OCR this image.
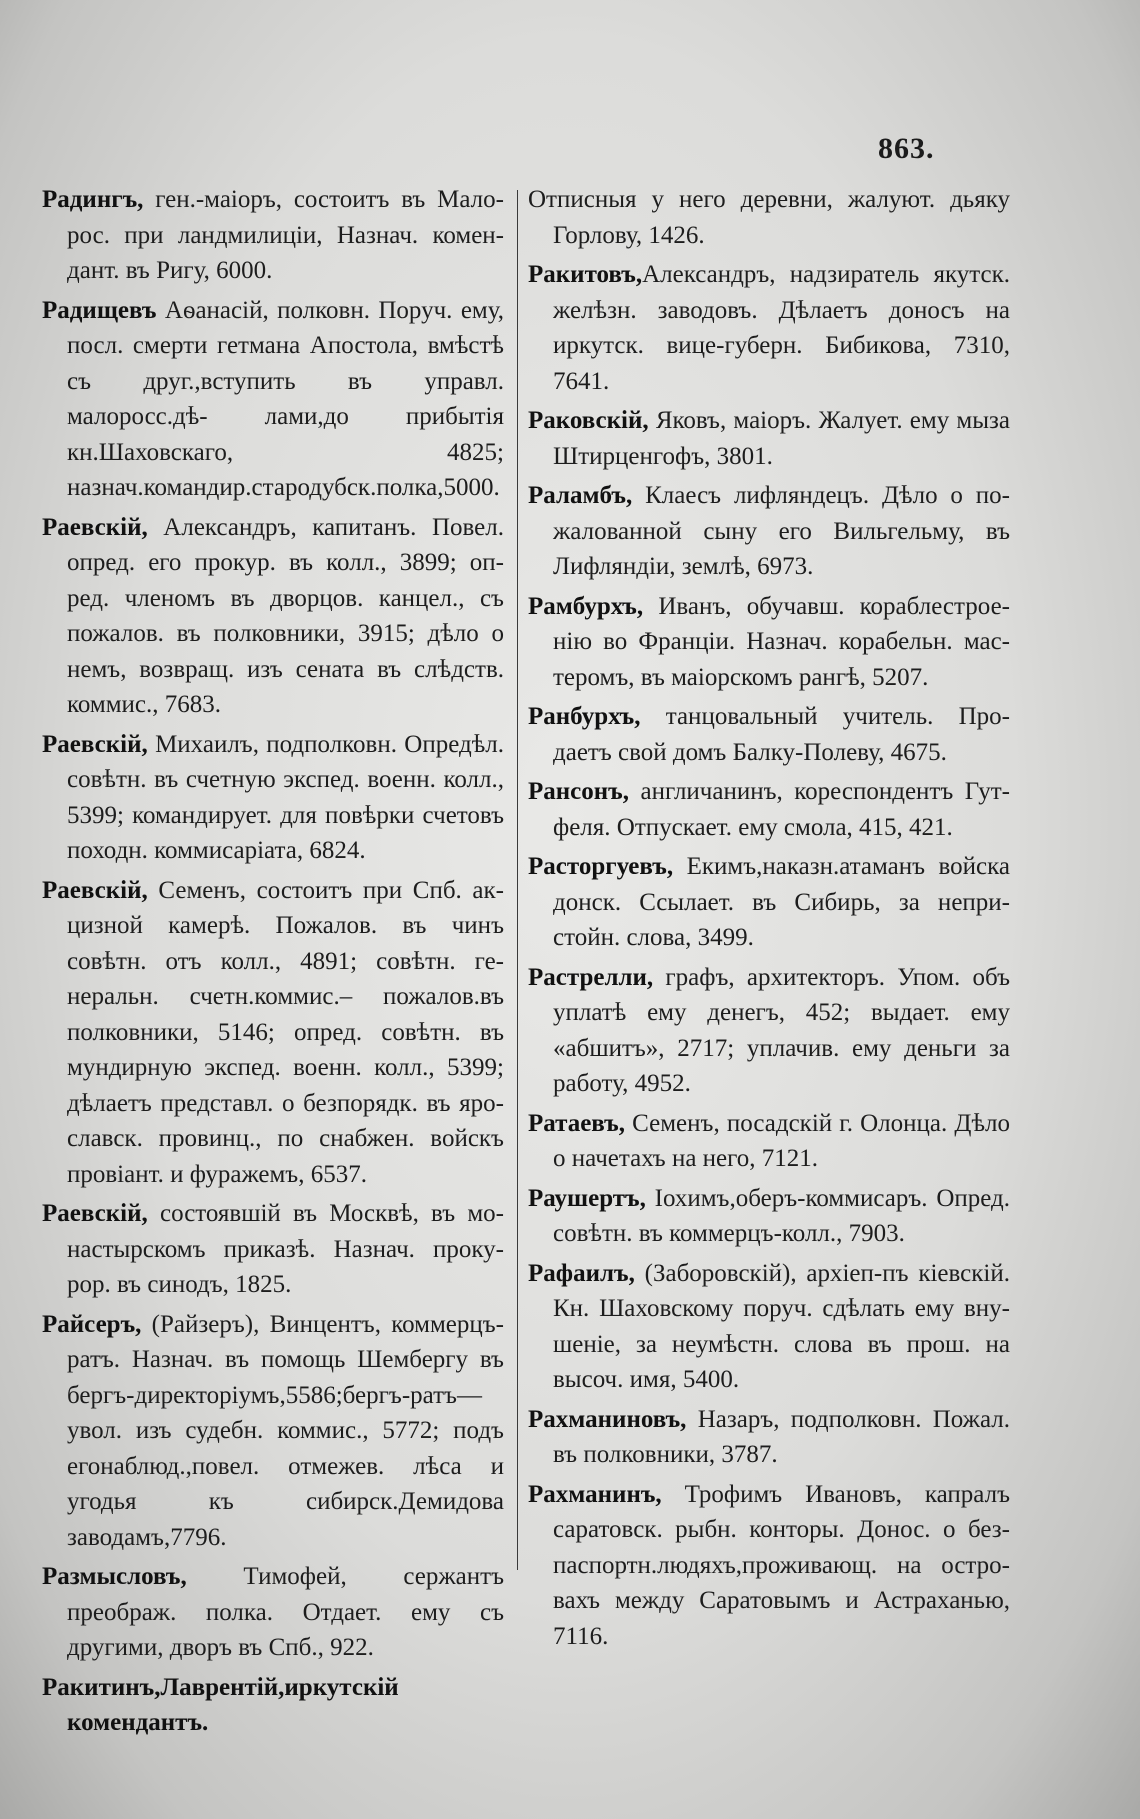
863.

Радингъ, ген.-маіоръ, состоитъ въ Мало- рос. при ландмилиціи, Назнач. комен- дант. въ Ригу, 6000.

Радищевъ Аѳанасій, полковн. Поруч. ему, посл. смерти гетмана Апостола, вмѣстѣ съ друг.,вступить въ управл. малоросс.дѣ- лами,до прибытія кн.Шаховскаго, 4825; назнач.командир.стародубск.полка,5000.

Раевскій, Александръ, капитанъ. Повел. опред. его прокур. въ колл., 3899; оп- ред. членомъ въ дворцов. канцел., съ пожалов. въ полковники, 3915; дѣло о немъ, возвращ. изъ сената въ слѣдств. коммис., 7683.

Раевскій, Михаилъ, подполковн. Опредѣл. совѣтн. въ счетную экспед. военн. колл., 5399; командирует. для повѣрки счетовъ походн. коммисаріата, 6824.

Раевскій, Семенъ, состоитъ при Спб. ак- цизной камерѣ. Пожалов. въ чинъ совѣтн. отъ колл., 4891; совѣтн. ге- неральн. счетн.коммис.– пожалов.въ полковники, 5146; опред. совѣтн. въ мундирную экспед. военн. колл., 5399; дѣлаетъ представл. о безпорядк. въ яро- славск. провинц., по снабжен. войскъ провіант. и фуражемъ, 6537.

Раевскій, состоявшій въ Москвѣ, въ мо- настырскомъ приказѣ. Назнач. проку- рор. въ синодъ, 1825.

Райсеръ, (Райзеръ), Винцентъ, коммерцъ- ратъ. Назнач. въ помощь Шембергу въ бергъ-директоріумъ,5586;бергъ-ратъ— увол. изъ судебн. коммис., 5772; подъ егонаблюд.,повел. отмежев. лѣса и угодья къ сибирск.Демидова заводамъ,7796.

Размысловъ, Тимофей, сержантъ преображ. полка. Отдает. ему съ другими, дворъ въ Спб., 922.

Ракитинъ,Лаврентій,иркутскій комендантъ.

Отписныя у него деревни, жалуют. дьяку Горлову, 1426.

Ракитовъ,Александръ, надзиратель якутск. желѣзн. заводовъ. Дѣлаетъ доносъ на иркутск. вице-губерн. Бибикова, 7310, 7641.

Раковскій, Яковъ, маіоръ. Жалует. ему мыза Штирценгофъ, 3801.

Раламбъ, Клаесъ лифляндецъ. Дѣло о по- жалованной сыну его Вильгельму, въ Лифляндіи, землѣ, 6973.

Рамбурхъ, Иванъ, обучавш. кораблестрое- нію во Франціи. Назнач. корабельн. мас- теромъ, въ маіорскомъ рангѣ, 5207.

Ранбурхъ, танцовальный учитель. Про- даетъ свой домъ Балку-Полеву, 4675.

Рансонъ, англичанинъ, кореспондентъ Гут- феля. Отпускает. ему смола, 415, 421.

Расторгуевъ, Екимъ,наказн.атаманъ войска донск. Ссылает. въ Сибирь, за непри- стойн. слова, 3499.

Растрелли, графъ, архитекторъ. Упом. объ уплатѣ ему денегъ, 452; выдает. ему «абшитъ», 2717; уплачив. ему деньги за работу, 4952.

Ратаевъ, Семенъ, посадскій г. Олонца. Дѣло о начетахъ на него, 7121.

Раушертъ, Іохимъ,оберъ-коммисаръ. Опред. совѣтн. въ коммерцъ-колл., 7903.

Рафаилъ, (Заборовскій), архіеп-пъ кіевскій. Кн. Шаховскому поруч. сдѣлать ему вну- шеніе, за неумѣстн. слова въ прош. на высоч. имя, 5400.

Рахманиновъ, Назаръ, подполковн. Пожал. въ полковники, 3787.

Рахманинъ, Трофимъ Ивановъ, капралъ саратовск. рыбн. конторы. Донос. о без- паспортн.людяхъ,проживающ. на остро- вахъ между Саратовымъ и Астраханью, 7116.
